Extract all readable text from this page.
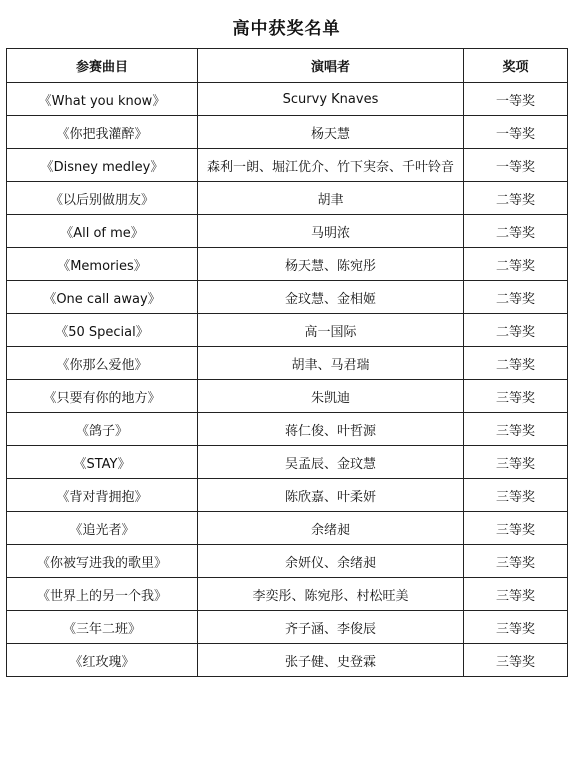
高中获奖名单
参赛曲目	演唱者	奖项
《What you know》	Scurvy Knaves	一等奖
《你把我灌醉》	杨天慧	一等奖
《Disney medley》	森利一朗、堀江优介、竹下実奈、千叶铃音	一等奖
《以后别做朋友》	胡聿	二等奖
《All of me》	马明浓	二等奖
《Memories》	杨天慧、陈宛彤	二等奖
《One call away》	金玟慧、金相姬	二等奖
《50 Special》	高一国际	二等奖
《你那么爱他》	胡聿、马君瑞	二等奖
《只要有你的地方》	朱凯迪	三等奖
《鸽子》	蒋仁俊、叶哲源	三等奖
《STAY》	吴孟辰、金玟慧	三等奖
《背对背拥抱》	陈欣嘉、叶柔妍	三等奖
《追光者》	余绪昶	三等奖
《你被写进我的歌里》	余妍仪、余绪昶	三等奖
《世界上的另一个我》	李奕彤、陈宛彤、村松旺美	三等奖
《三年二班》	齐子涵、李俊辰	三等奖
《红玫瑰》	张子健、史登霖	三等奖
